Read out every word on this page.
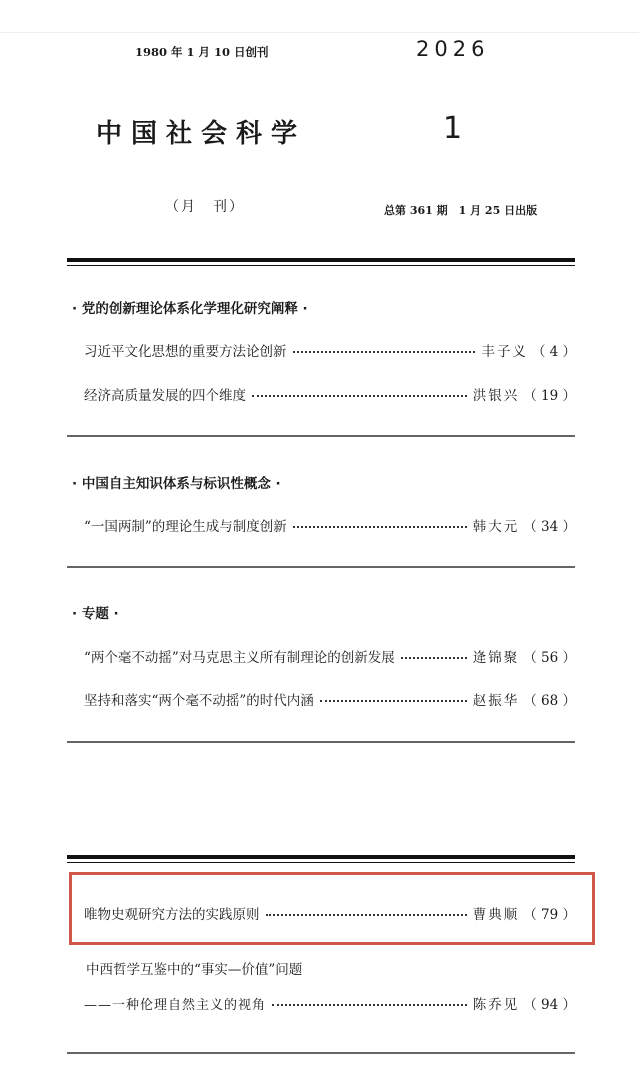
1980 年 1 月 10 日创刊	2026
中国社会科学	1
（月　刊）	总第 361 期　1 月 25 日出版
· 党的创新理论体系化学理化研究阐释 ·
习近平文化思想的重要方法论创新	丰子义 （ 4 ）
经济高质量发展的四个维度	洪银兴 （ 19 ）
· 中国自主知识体系与标识性概念 ·
“一国两制”的理论生成与制度创新	韩大元 （ 34 ）
· 专题 ·
“两个毫不动摇”对马克思主义所有制理论的创新发展	逄锦聚 （ 56 ）
坚持和落实“两个毫不动摇”的时代内涵	赵振华 （ 68 ）
唯物史观研究方法的实践原则	曹典顺 （ 79 ）
中西哲学互鉴中的“事实—价值”问题
——一种伦理自然主义的视角	陈乔见 （ 94 ）
